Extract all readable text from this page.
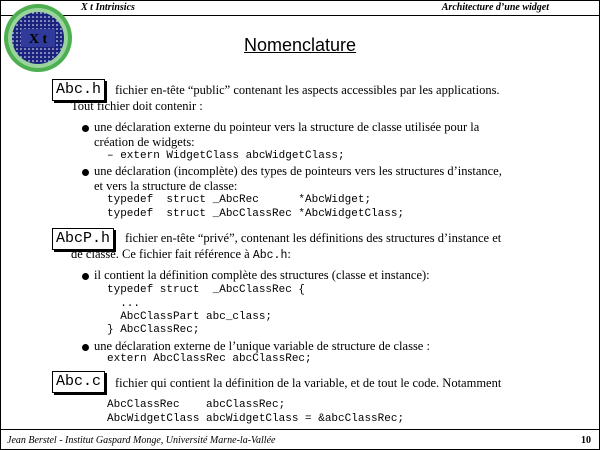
X t Intrinsics	Architecture d’une widget
X t	Nomenclature
Abc.h	fichier en-tête “public” contenant les aspects accessibles par les applications.
Tout fichier doit contenir :
une déclaration externe du pointeur vers la structure de classe utilisée pour la
création de widgets:
– extern WidgetClass abcWidgetClass;
une déclaration (incomplète) des types de pointeurs vers les structures d’instance,
et vers la structure de classe:
typedef  struct _AbcRec      *AbcWidget;
typedef  struct _AbcClassRec *AbcWidgetClass;
AbcP.h	fichier en-tête “privé”, contenant les définitions des structures d’instance et
de classe. Ce fichier fait référence à Abc.h:
il contient la définition complète des structures (classe et instance):
typedef struct  _AbcClassRec {
...
AbcClassPart abc_class;
} AbcClassRec;
une déclaration externe de l’unique variable de structure de classe :
extern AbcClassRec abcClassRec;
Abc.c	fichier qui contient la définition de la variable, et de tout le code. Notamment
AbcClassRec    abcClassRec;
AbcWidgetClass abcWidgetClass = &abcClassRec;
Jean Berstel - Institut Gaspard Monge, Université Marne-la-Vallée	10
